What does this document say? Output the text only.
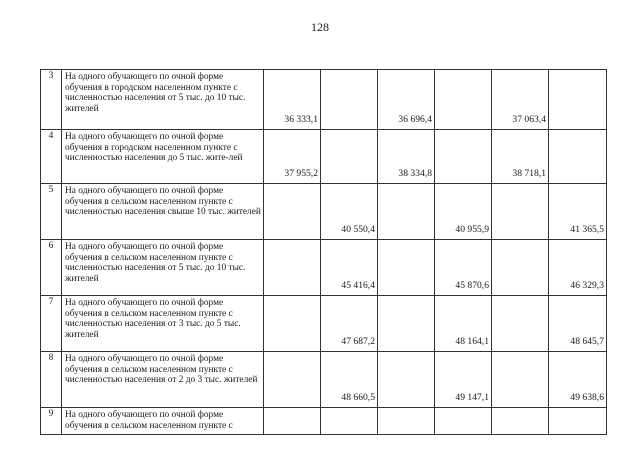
128
3	На одного обучающего по очной форме обучения в городском населенном пункте с численностью населения от 5 тыс. до 10 тыс. жителей	36 333,1		36 696,4		37 063,4	
4	На одного обучающего по очной форме обучения в городском населенном пункте с численностью населения до 5 тыс. жите-лей	37 955,2		38 334,8		38 718,1	
5	На одного обучающего по очной форме обучения в сельском населенном пункте с численностью населения свыше 10 тыс. жителей		40 550,4		40 955,9		41 365,5
6	На одного обучающего по очной форме обучения в сельском населенном пункте с численностью населения от 5 тыс. до 10 тыс. жителей		45 416,4		45 870,6		46 329,3
7	На одного обучающего по очной форме обучения в сельском населенном пункте с численностью населения от 3 тыс. до 5 тыс. жителей		47 687,2		48 164,1		48 645,7
8	На одного обучающего по очной форме обучения в сельском населенном пункте с численностью населения от 2 до 3 тыс. жителей		48 660,5		49 147,1		49 638,6
9	На одного обучающего по очной форме обучения в сельском населенном пункте с						
